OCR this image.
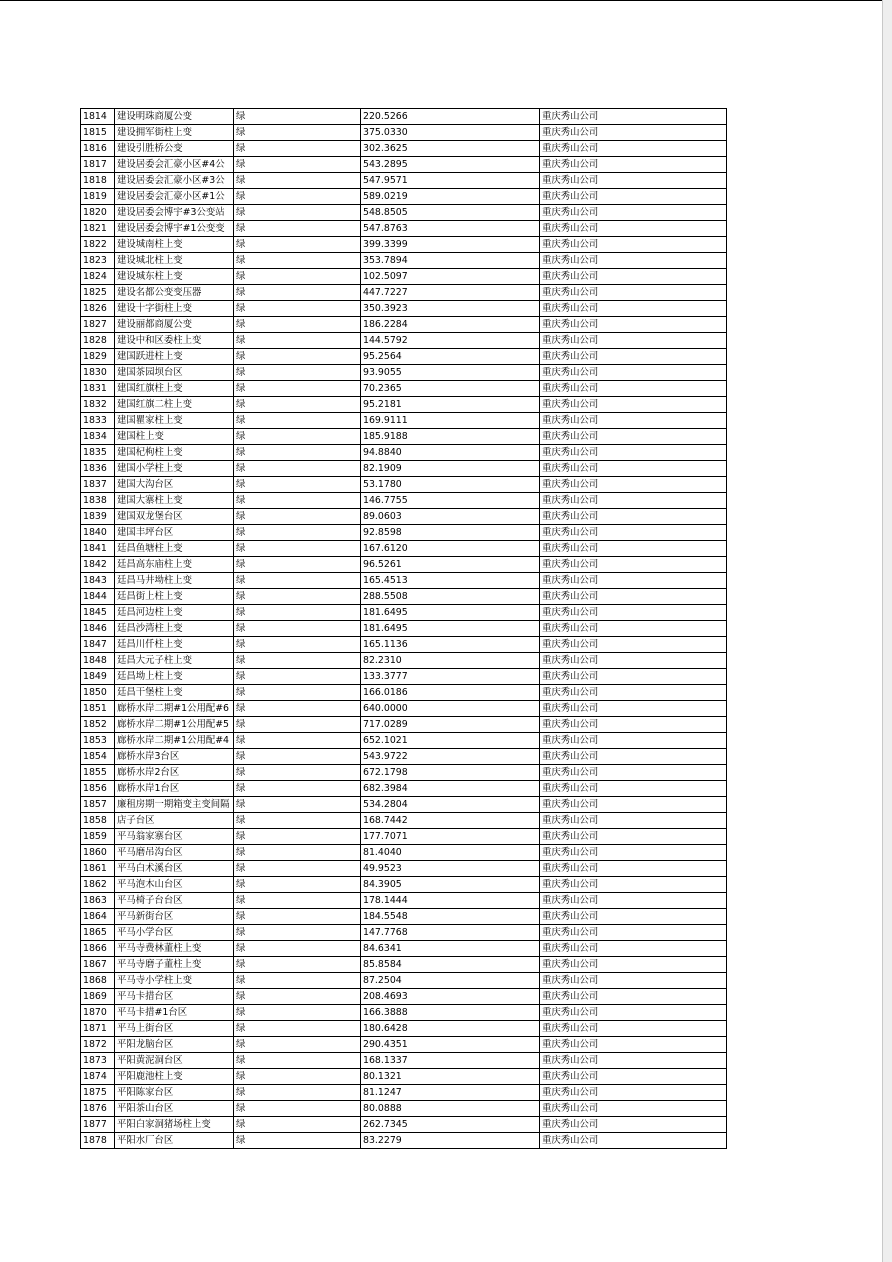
1814	建设明珠商厦公变	绿	220.5266	重庆秀山公司
1815	建设拥军街柱上变	绿	375.0330	重庆秀山公司
1816	建设引胜桥公变	绿	302.3625	重庆秀山公司
1817	建设居委会汇豪小区#4公	绿	543.2895	重庆秀山公司
1818	建设居委会汇豪小区#3公	绿	547.9571	重庆秀山公司
1819	建设居委会汇豪小区#1公	绿	589.0219	重庆秀山公司
1820	建设居委会博宇#3公变站	绿	548.8505	重庆秀山公司
1821	建设居委会博宇#1公变变	绿	547.8763	重庆秀山公司
1822	建设城南柱上变	绿	399.3399	重庆秀山公司
1823	建设城北柱上变	绿	353.7894	重庆秀山公司
1824	建设城东柱上变	绿	102.5097	重庆秀山公司
1825	建设名都公变变压器	绿	447.7227	重庆秀山公司
1826	建设十字街柱上变	绿	350.3923	重庆秀山公司
1827	建设丽都商厦公变	绿	186.2284	重庆秀山公司
1828	建设中和区委柱上变	绿	144.5792	重庆秀山公司
1829	建国跃进柱上变	绿	95.2564	重庆秀山公司
1830	建国茶园坝台区	绿	93.9055	重庆秀山公司
1831	建国红旗柱上变	绿	70.2365	重庆秀山公司
1832	建国红旗二柱上变	绿	95.2181	重庆秀山公司
1833	建国瞿家柱上变	绿	169.9111	重庆秀山公司
1834	建国柱上变	绿	185.9188	重庆秀山公司
1835	建国杞枸柱上变	绿	94.8840	重庆秀山公司
1836	建国小学柱上变	绿	82.1909	重庆秀山公司
1837	建国大沟台区	绿	53.1780	重庆秀山公司
1838	建国大寨柱上变	绿	146.7755	重庆秀山公司
1839	建国双龙堡台区	绿	89.0603	重庆秀山公司
1840	建国丰坪台区	绿	92.8598	重庆秀山公司
1841	廷昌鱼塘柱上变	绿	167.6120	重庆秀山公司
1842	廷昌高东庙柱上变	绿	96.5261	重庆秀山公司
1843	廷昌马井坳柱上变	绿	165.4513	重庆秀山公司
1844	廷昌街上柱上变	绿	288.5508	重庆秀山公司
1845	廷昌河边柱上变	绿	181.6495	重庆秀山公司
1846	廷昌沙湾柱上变	绿	181.6495	重庆秀山公司
1847	廷昌川仟柱上变	绿	165.1136	重庆秀山公司
1848	廷昌大元子柱上变	绿	82.2310	重庆秀山公司
1849	廷昌坳上柱上变	绿	133.3777	重庆秀山公司
1850	廷昌干堡柱上变	绿	166.0186	重庆秀山公司
1851	廊桥水岸二期#1公用配#6	绿	640.0000	重庆秀山公司
1852	廊桥水岸二期#1公用配#5	绿	717.0289	重庆秀山公司
1853	廊桥水岸二期#1公用配#4	绿	652.1021	重庆秀山公司
1854	廊桥水岸3台区	绿	543.9722	重庆秀山公司
1855	廊桥水岸2台区	绿	672.1798	重庆秀山公司
1856	廊桥水岸1台区	绿	682.3984	重庆秀山公司
1857	廉租房期一期箱变主变间隔	绿	534.2804	重庆秀山公司
1858	店子台区	绿	168.7442	重庆秀山公司
1859	平马翁家寨台区	绿	177.7071	重庆秀山公司
1860	平马磨吊沟台区	绿	81.4040	重庆秀山公司
1861	平马白术溪台区	绿	49.9523	重庆秀山公司
1862	平马泡木山台区	绿	84.3905	重庆秀山公司
1863	平马椅子台台区	绿	178.1444	重庆秀山公司
1864	平马新街台区	绿	184.5548	重庆秀山公司
1865	平马小学台区	绿	147.7768	重庆秀山公司
1866	平马寺费林董柱上变	绿	84.6341	重庆秀山公司
1867	平马寺磨子董柱上变	绿	85.8584	重庆秀山公司
1868	平马寺小学柱上变	绿	87.2504	重庆秀山公司
1869	平马卡措台区	绿	208.4693	重庆秀山公司
1870	平马卡措#1台区	绿	166.3888	重庆秀山公司
1871	平马上街台区	绿	180.6428	重庆秀山公司
1872	平阳龙脑台区	绿	290.4351	重庆秀山公司
1873	平阳黄泥洞台区	绿	168.1337	重庆秀山公司
1874	平阳鹿池柱上变	绿	80.1321	重庆秀山公司
1875	平阳陈家台区	绿	81.1247	重庆秀山公司
1876	平阳茶山台区	绿	80.0888	重庆秀山公司
1877	平阳白家洞猪场柱上变	绿	262.7345	重庆秀山公司
1878	平阳水厂台区	绿	83.2279	重庆秀山公司
